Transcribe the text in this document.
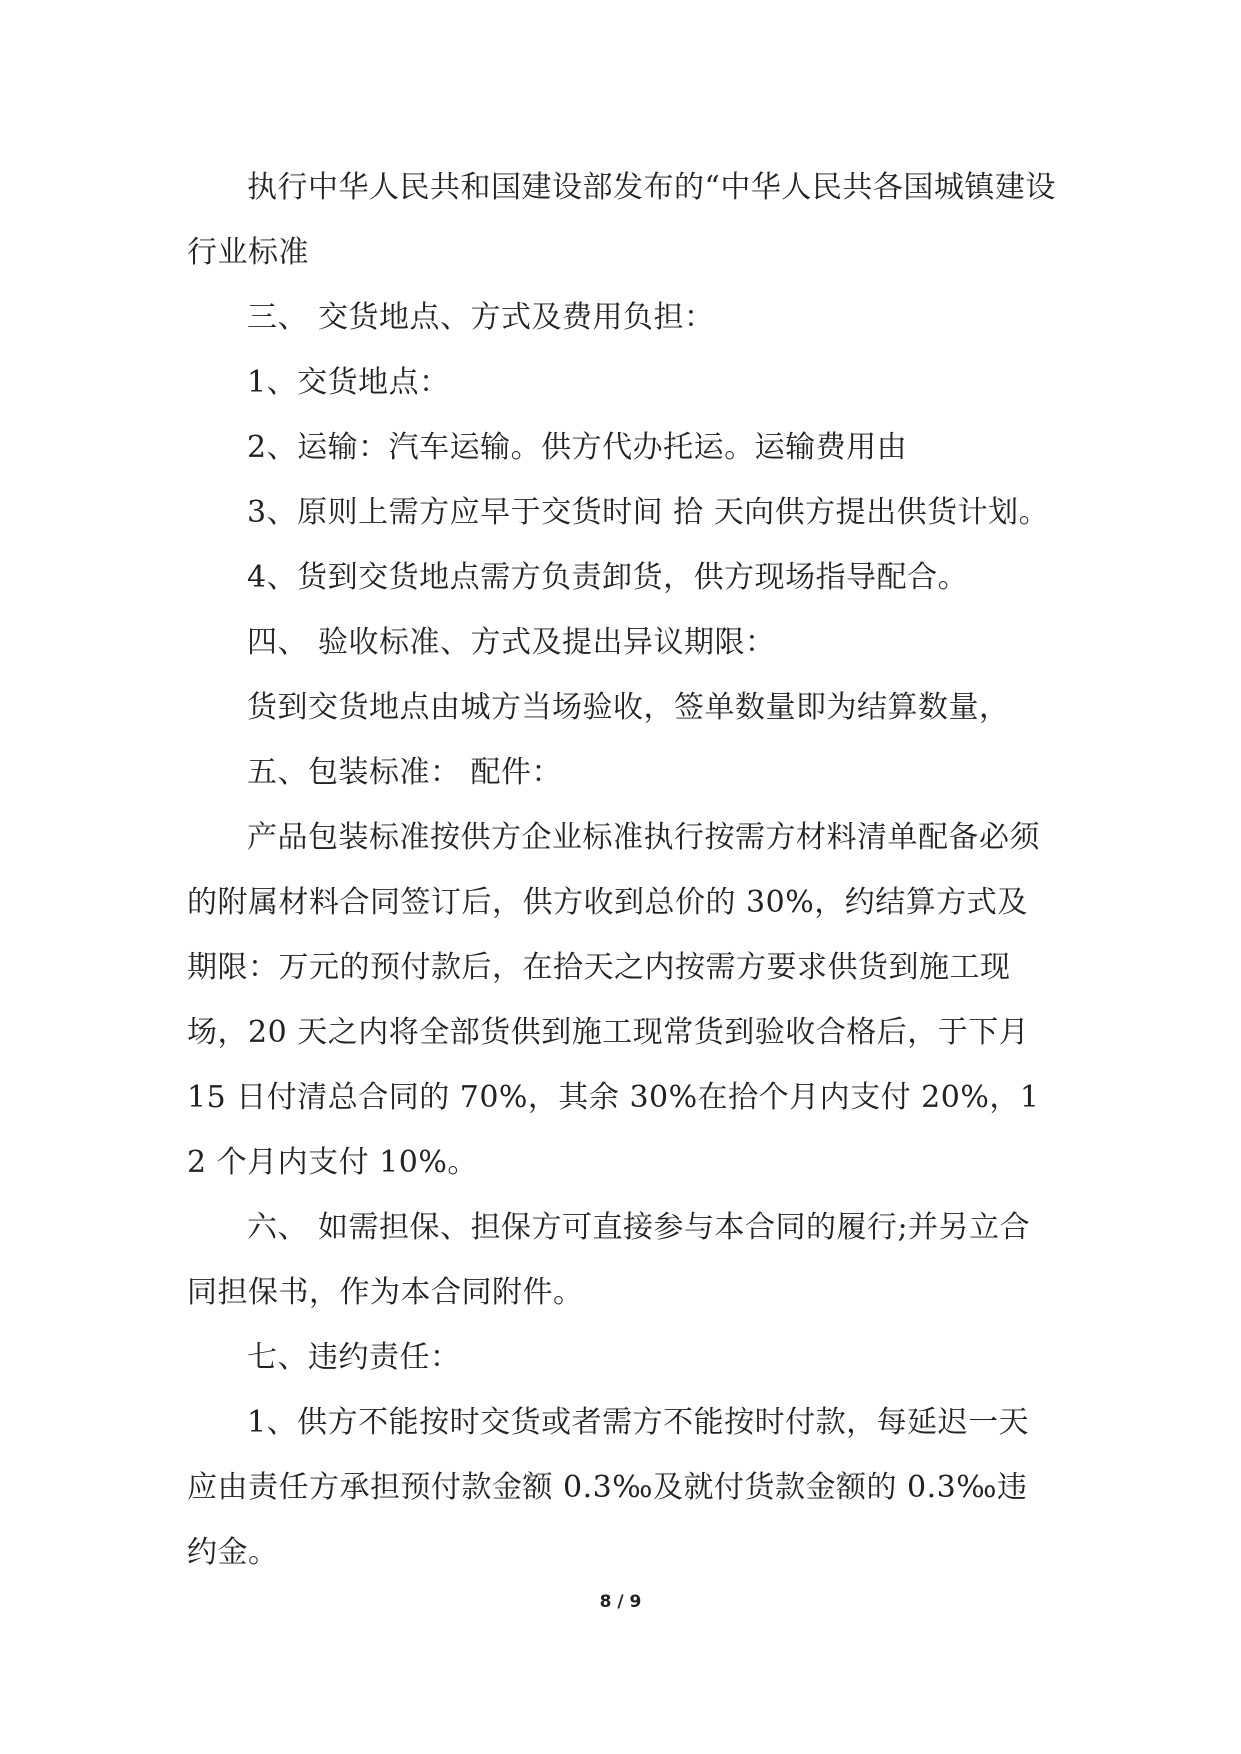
执行中华人民共和国建设部发布的“中华人民共各国城镇建设行业标准

三、 交货地点、方式及费用负担：

1、交货地点：

2、运输：汽车运输。供方代办托运。运输费用由

3、原则上需方应早于交货时间 拾 天向供方提出供货计划。

4、货到交货地点需方负责卸货，供方现场指导配合。

四、 验收标准、方式及提出异议期限：

货到交货地点由城方当场验收，签单数量即为结算数量，

五、包装标准： 配件：

产品包装标准按供方企业标准执行按需方材料清单配备必须的附属材料合同签订后，供方收到总价的 30%，约结算方式及期限：万元的预付款后，在拾天之内按需方要求供货到施工现场，20 天之内将全部货供到施工现常货到验收合格后，于下月 15 日付清总合同的 70%，其余 30%在拾个月内支付 20%，12 个月内支付 10%。

六、 如需担保、担保方可直接参与本合同的履行;并另立合同担保书，作为本合同附件。

七、违约责任：

1、供方不能按时交货或者需方不能按时付款，每延迟一天应由责任方承担预付款金额 0.3‰及就付货款金额的 0.3‰违约金。

8 / 9
